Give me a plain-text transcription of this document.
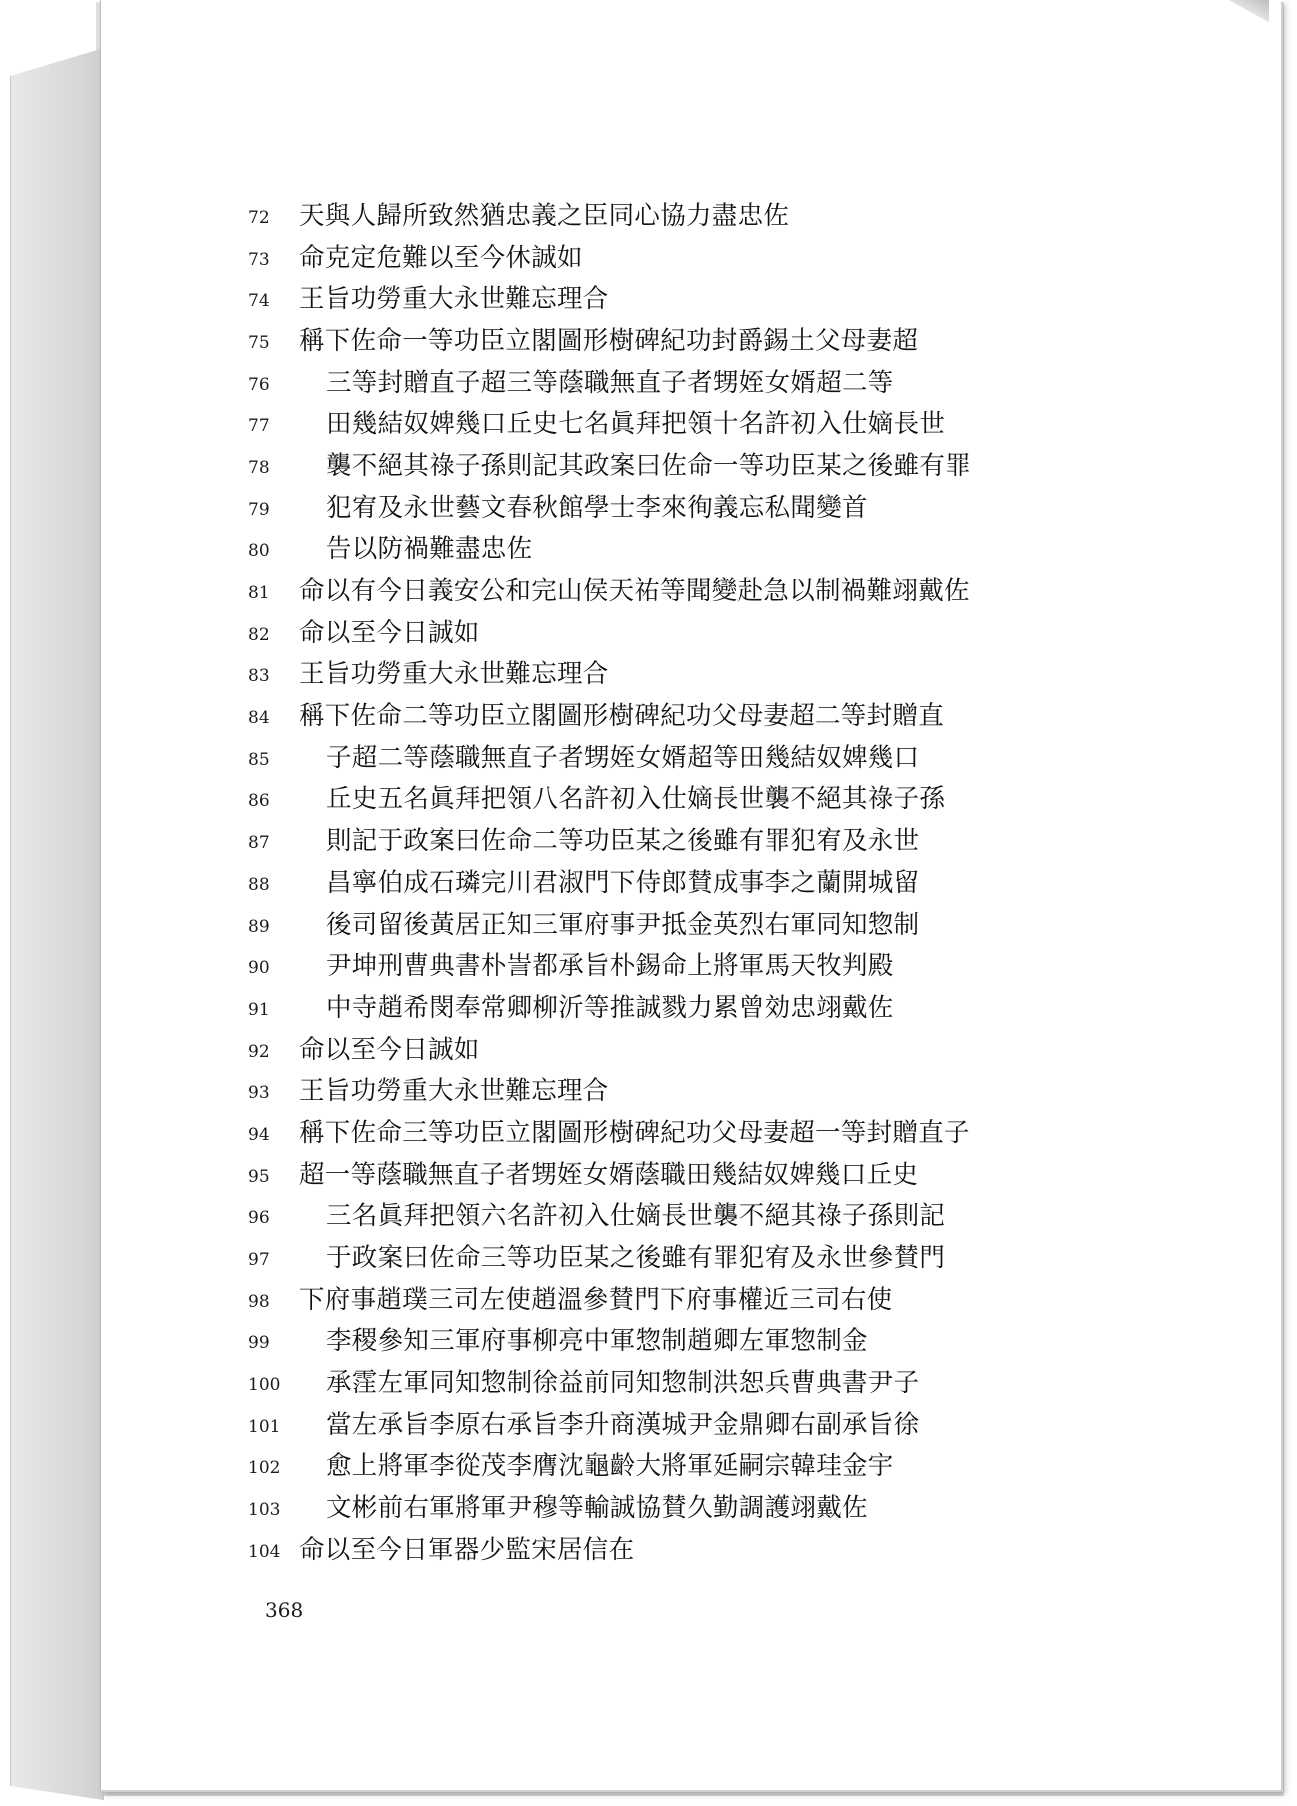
72	天與人歸所致然猶忠義之臣同心協力盡忠佐
73	命克定危難以至今休誠如
74	王旨功勞重大永世難忘理合
75	稱下佐命一等功臣立閣圖形樹碑紀功封爵錫土父母妻超
76	三等封贈直子超三等蔭職無直子者甥姪女婿超二等
77	田幾結奴婢幾口丘史七名眞拜把領十名許初入仕嫡長世
78	襲不絕其祿子孫則記其政案曰佐命一等功臣某之後雖有罪
79	犯宥及永世藝文春秋館學士李來徇義忘私聞變首
80	告以防禍難盡忠佐
81	命以有今日義安公和完山侯天祐等聞變赴急以制禍難翊戴佐
82	命以至今日誠如
83	王旨功勞重大永世難忘理合
84	稱下佐命二等功臣立閣圖形樹碑紀功父母妻超二等封贈直
85	子超二等蔭職無直子者甥姪女婿超等田幾結奴婢幾口
86	丘史五名眞拜把領八名許初入仕嫡長世襲不絕其祿子孫
87	則記于政案曰佐命二等功臣某之後雖有罪犯宥及永世
88	昌寧伯成石璘完川君淑門下侍郎賛成事李之蘭開城留
89	後司留後黃居正知三軍府事尹抵金英烈右軍同知惣制
90	尹坤刑曹典書朴訔都承旨朴錫命上將軍馬天牧判殿
91	中寺趙希閔奉常卿柳沂等推誠戮力累曾効忠翊戴佐
92	命以至今日誠如
93	王旨功勞重大永世難忘理合
94	稱下佐命三等功臣立閣圖形樹碑紀功父母妻超一等封贈直子
95	超一等蔭職無直子者甥姪女婿蔭職田幾結奴婢幾口丘史
96	三名眞拜把領六名許初入仕嫡長世襲不絕其祿子孫則記
97	于政案曰佐命三等功臣某之後雖有罪犯宥及永世參賛門
98	下府事趙璞三司左使趙溫參賛門下府事權近三司右使
99	李稷參知三軍府事柳亮中軍惣制趙卿左軍惣制金
100 承霔左軍同知惣制徐益前同知惣制洪恕兵曹典書尹子
101 當左承旨李原右承旨李升商漢城尹金鼎卿右副承旨徐
102 愈上將軍李從茂李膺沈龜齡大將軍延嗣宗韓珪金宇
103 文彬前右軍將軍尹穆等輸誠協賛久勤調護翊戴佐
104 命以至今日軍器少監宋居信在
368
